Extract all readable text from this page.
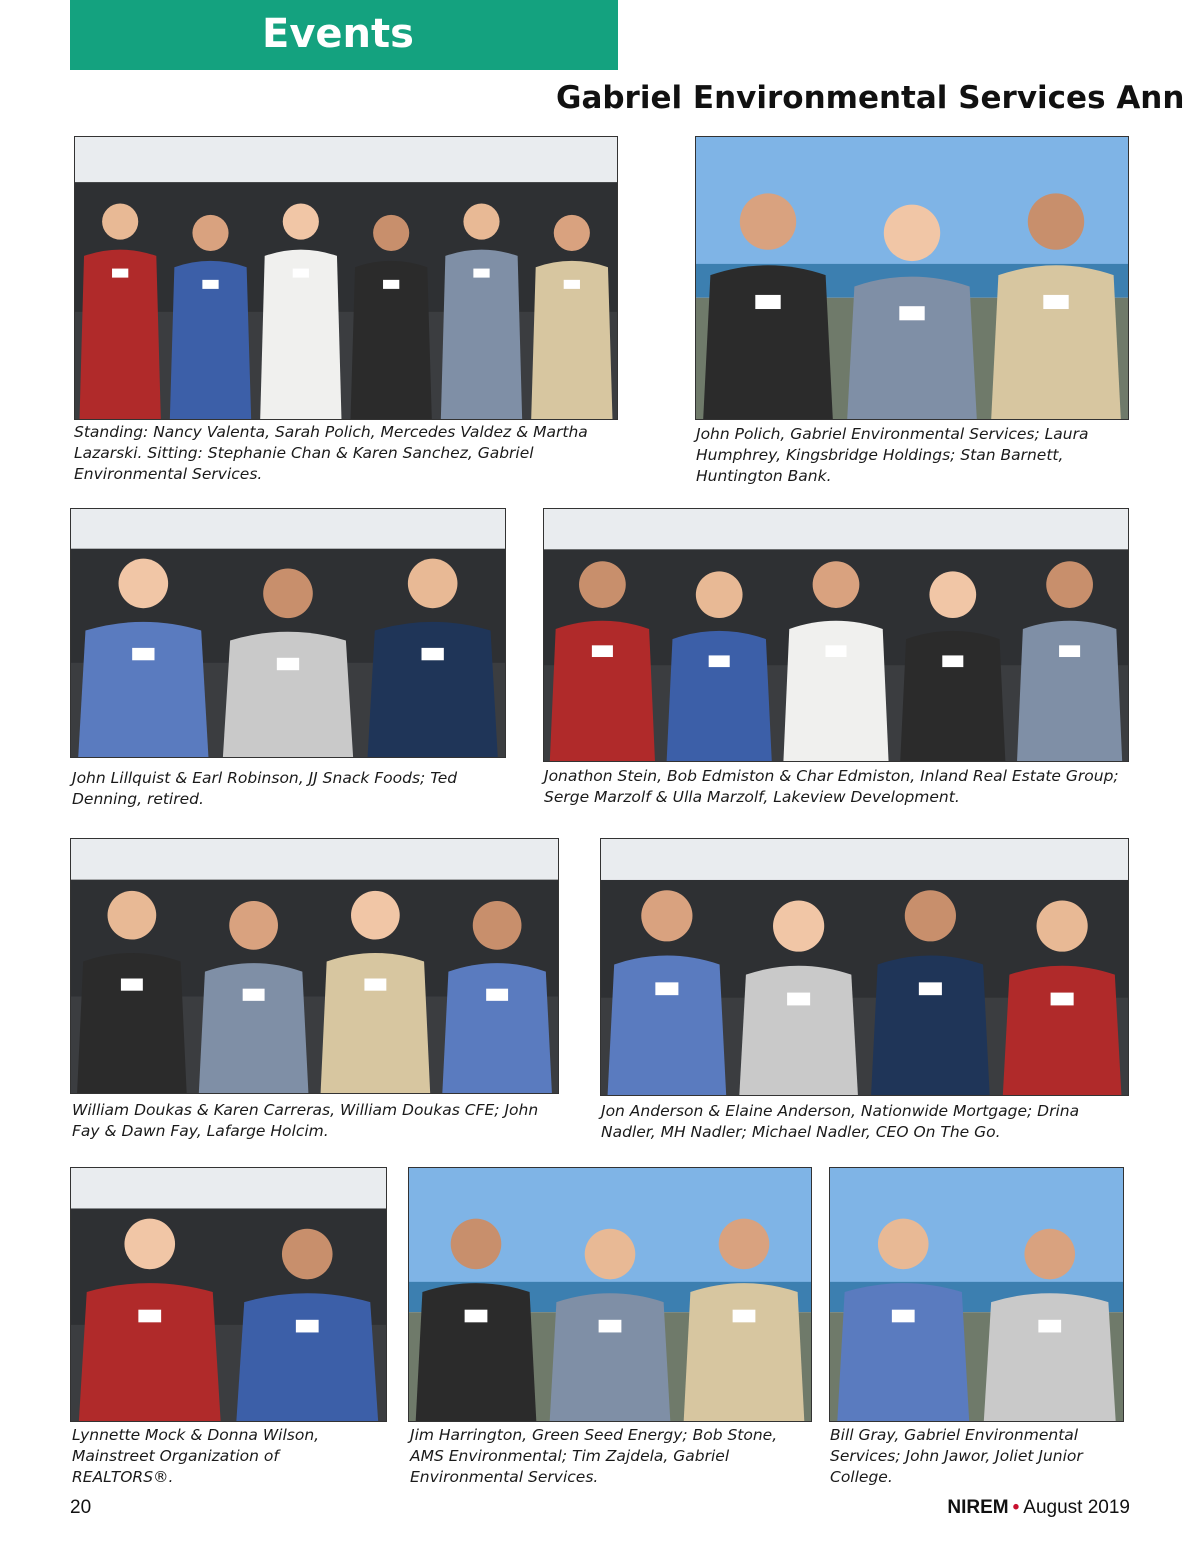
Events
Gabriel Environmental Services Ann

Standing: Nancy Valenta, Sarah Polich, Mercedes Valdez & Martha Lazarski. Sitting: Stephanie Chan & Karen Sanchez, Gabriel Environmental Services.

John Polich, Gabriel Environmental Services; Laura Humphrey, Kingsbridge Holdings; Stan Barnett, Huntington Bank.

John Lillquist & Earl Robinson, JJ Snack Foods; Ted Denning, retired.

Jonathon Stein, Bob Edmiston & Char Edmiston, Inland Real Estate Group; Serge Marzolf & Ulla Marzolf, Lakeview Development.

William Doukas & Karen Carreras, William Doukas CFE; John Fay & Dawn Fay, Lafarge Holcim.

Jon Anderson & Elaine Anderson, Nationwide Mortgage; Drina Nadler, MH Nadler; Michael Nadler, CEO On The Go.

Lynnette Mock & Donna Wilson, Mainstreet Organization of REALTORS®.

Jim Harrington, Green Seed Energy; Bob Stone, AMS Environmental; Tim Zajdela, Gabriel Environmental Services.

Bill Gray, Gabriel Environmental Services; John Jawor, Joliet Junior College.

20	NIREM • August 2019
